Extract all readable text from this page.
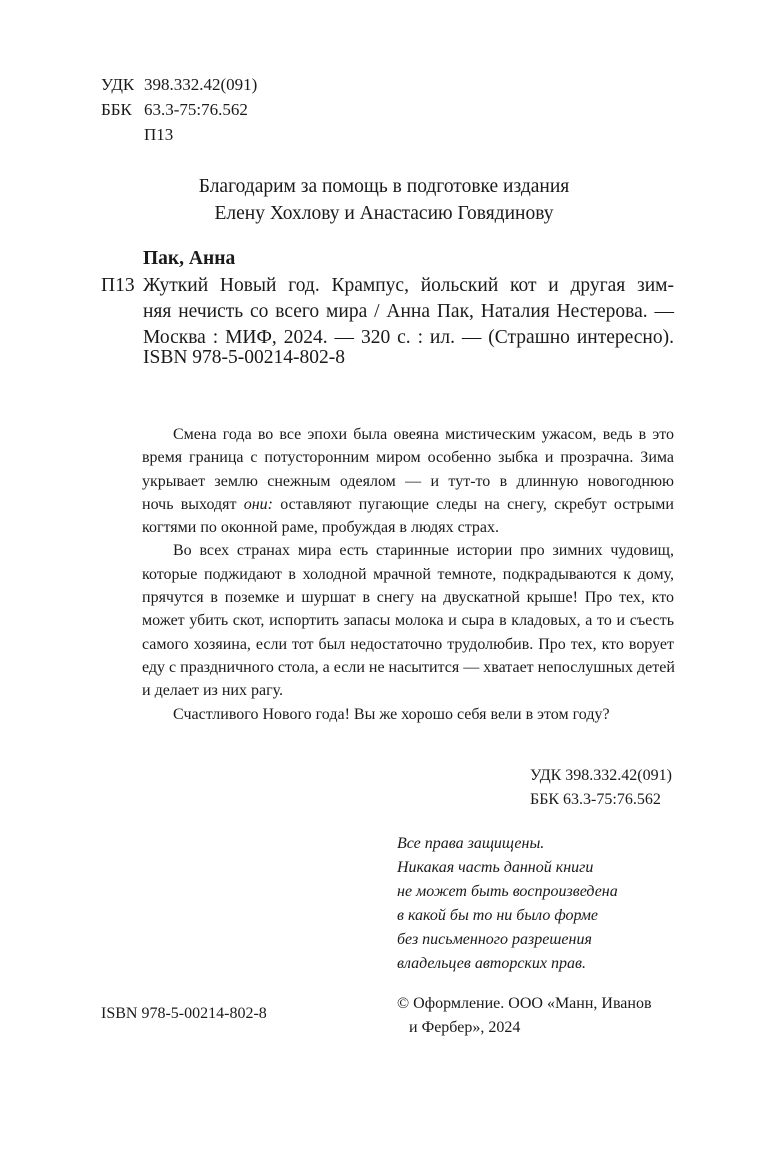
УДК 398.332.42(091)
ББК 63.3-75:76.562
П13
Благодарим за помощь в подготовке издания
Елену Хохлову и Анастасию Говядинову
Пак, Анна
П13 Жуткий Новый год. Крампус, йольский кот и другая зим-
няя нечисть со всего мира / Анна Пак, Наталия Нестерова. —
Москва : МИФ, 2024. — 320 с. : ил. — (Страшно интересно).
ISBN 978-5-00214-802-8
Смена года во все эпохи была овеяна мистическим ужасом, ведь в это
время граница с потусторонним миром особенно зыбка и прозрачна. Зима
укрывает землю снежным одеялом — и тут-то в длинную новогоднюю
ночь выходят они: оставляют пугающие следы на снегу, скребут острыми
когтями по оконной раме, пробуждая в людях страх.
Во всех странах мира есть старинные истории про зимних чудовищ,
которые поджидают в холодной мрачной темноте, подкрадываются к дому,
прячутся в поземке и шуршат в снегу на двускатной крыше! Про тех, кто
может убить скот, испортить запасы молока и сыра в кладовых, а то и съесть
самого хозяина, если тот был недостаточно трудолюбив. Про тех, кто ворует
еду с праздничного стола, а если не насытится — хватает непослушных детей
и делает из них рагу.
Счастливого Нового года! Вы же хорошо себя вели в этом году?
УДК 398.332.42(091)
ББК 63.3-75:76.562
Все права защищены.
Никакая часть данной книги
не может быть воспроизведена
в какой бы то ни было форме
без письменного разрешения
владельцев авторских прав.
ISBN 978-5-00214-802-8
© Оформление. ООО «Манн, Иванов
и Фербер», 2024
